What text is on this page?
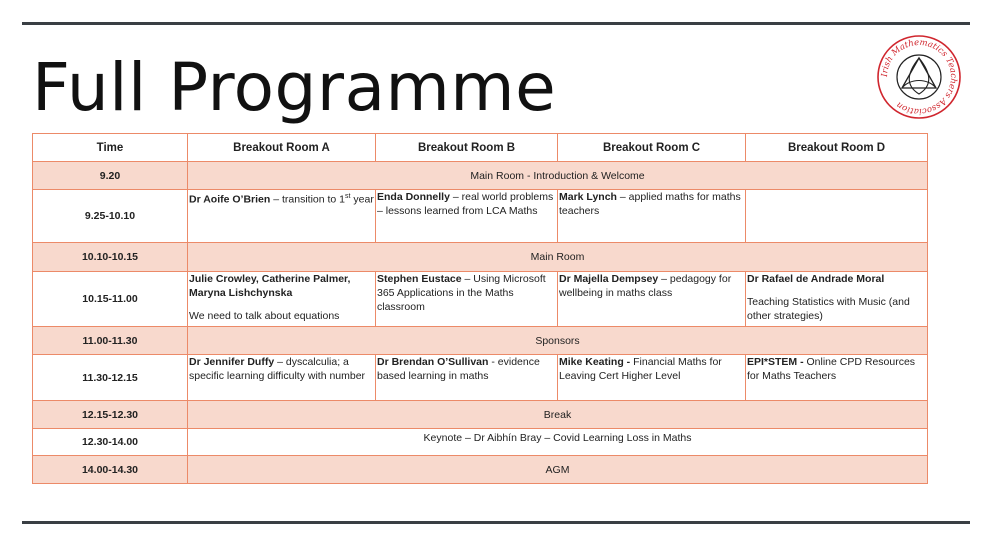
Full Programme	Irish Mathematics Teachers Association
Time	Breakout Room A	Breakout Room B	Breakout Room C	Breakout Room D
9.20	Main Room - Introduction & Welcome			
9.25-10.10	Dr Aoife O’Brien – transition to 1st year	Enda Donnelly – real world problems – lessons learned from LCA Maths	Mark Lynch – applied maths for maths teachers	
10.10-10.15	Main Room			
10.15-11.00	Julie Crowley, Catherine Palmer, Maryna Lishchynska
We need to talk about equations	Stephen Eustace – Using Microsoft 365 Applications in the Maths classroom	Dr Majella Dempsey – pedagogy for wellbeing in maths class	Dr Rafael de Andrade Moral
Teaching Statistics with Music (and other strategies)
11.00-11.30	Sponsors			
11.30-12.15	Dr Jennifer Duffy – dyscalculia; a specific learning difficulty with number	Dr Brendan O’Sullivan - evidence based learning in maths	Mike Keating - Financial Maths for Leaving Cert Higher Level	EPI*STEM - Online CPD Resources for Maths Teachers
12.15-12.30	Break			
12.30-14.00	Keynote – Dr Aibhín Bray – Covid Learning Loss in Maths			
14.00-14.30	AGM			
